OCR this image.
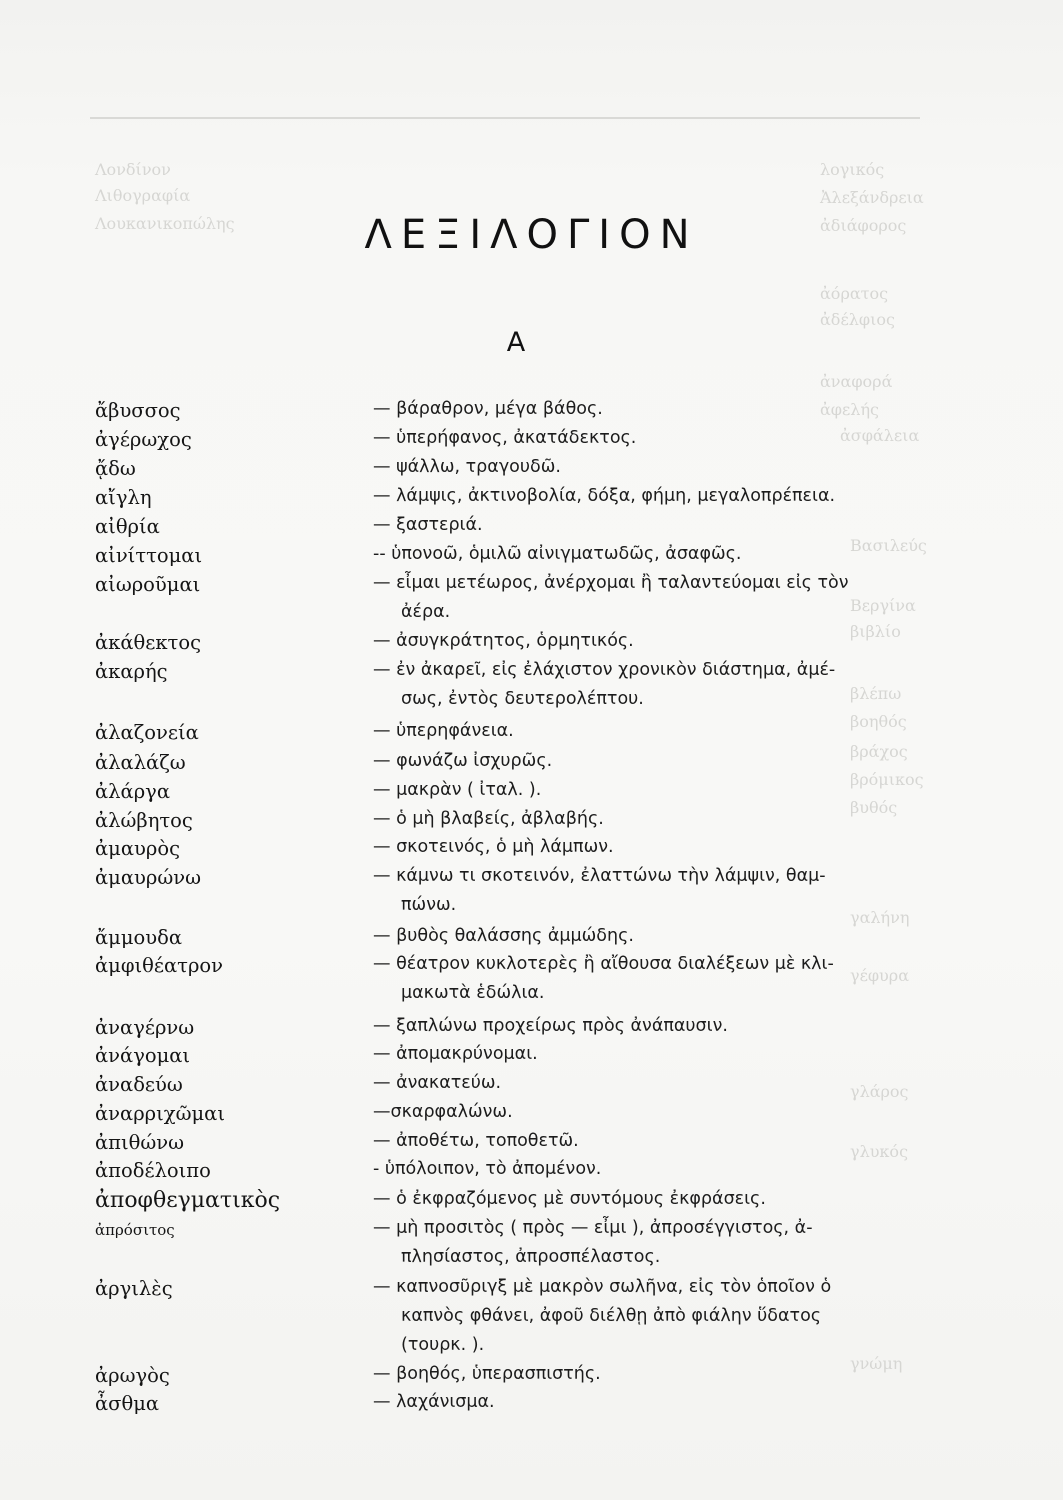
Λονδίνον
Λιθογραφία
Λουκανικοπώλης
λογικός
Ἀλεξάνδρεια
ἀδιάφορος
ἀόρατος
ἀδέλφιος
ἀναφορά
ἀφελής
ἀσφάλεια
Βασιλεύς
Βεργίνα
βιβλίο
βλέπω
βοηθός
βράχος
βρόμικος
βυθός
γαλήνη
γέφυρα
γλάρος
γλυκός
γνώμη
ΛΕΞΙΛΟΓΙΟΝ
Α
ἄβυσσος	— βάραθρον, μέγα βάθος.
ἀγέρωχος	— ὑπερήφανος, ἀκατάδεκτος.
ᾄδω	— ψάλλω, τραγουδῶ.
αἴγλη	— λάμψις, ἀκτινοβολία, δόξα, φήμη, μεγαλοπρέπεια.
αἰθρία	— ξαστεριά.
αἰνίττομαι	-- ὑπονοῶ, ὁμιλῶ αἰνιγματωδῶς, ἀσαφῶς.
αἰωροῦμαι	— εἶμαι μετέωρος, ἀνέρχομαι ἢ ταλαντεύομαι εἰς τὸν
ἀέρα.
ἀκάθεκτος	— ἀσυγκράτητος, ὁρμητικός.
ἀκαρής	— ἐν ἀκαρεῖ, εἰς ἐλάχιστον χρονικὸν διάστημα, ἀμέ-
σως, ἐντὸς δευτερολέπτου.
ἀλαζονεία	— ὑπερηφάνεια.
ἀλαλάζω	— φωνάζω ἰσχυρῶς.
ἀλάργα	— μακρὰν ( ἰταλ. ).
ἀλώβητος	— ὁ μὴ βλαβείς, ἀβλαβής.
ἀμαυρὸς	— σκοτεινός, ὁ μὴ λάμπων.
ἀμαυρώνω	— κάμνω τι σκοτεινόν, ἐλαττώνω τὴν λάμψιν, θαμ-
πώνω.
ἄμμουδα	— βυθὸς θαλάσσης ἀμμώδης.
ἀμφιθέατρον	— θέατρον κυκλοτερὲς ἢ αἴθουσα διαλέξεων μὲ κλι-
μακωτὰ ἑδώλια.
ἀναγέρνω	— ξαπλώνω προχείρως πρὸς ἀνάπαυσιν.
ἀνάγομαι	— ἀπομακρύνομαι.
ἀναδεύω	— ἀνακατεύω.
ἀναρριχῶμαι	—σκαρφαλώνω.
ἀπιθώνω	— ἀποθέτω, τοποθετῶ.
ἀποδέλοιπο	- ὑπόλοιπον, τὸ ἀπομένον.
ἀποφθεγματικὸς	— ὁ ἐκφραζόμενος μὲ συντόμους ἐκφράσεις.
ἀπρόσιτος	— μὴ προσιτὸς ( πρὸς — εἶμι ), ἀπροσέγγιστος, ἀ-
πλησίαστος, ἀπροσπέλαστος.
ἀργιλὲς	— καπνοσῦριγξ μὲ μακρὸν σωλῆνα, εἰς τὸν ὁποῖον ὁ
καπνὸς φθάνει, ἀφοῦ διέλθῃ ἀπὸ φιάλην ὕδατος
(τουρκ. ).
ἀρωγὸς	— βοηθός, ὑπερασπιστής.
ἆσθμα	— λαχάνισμα.
